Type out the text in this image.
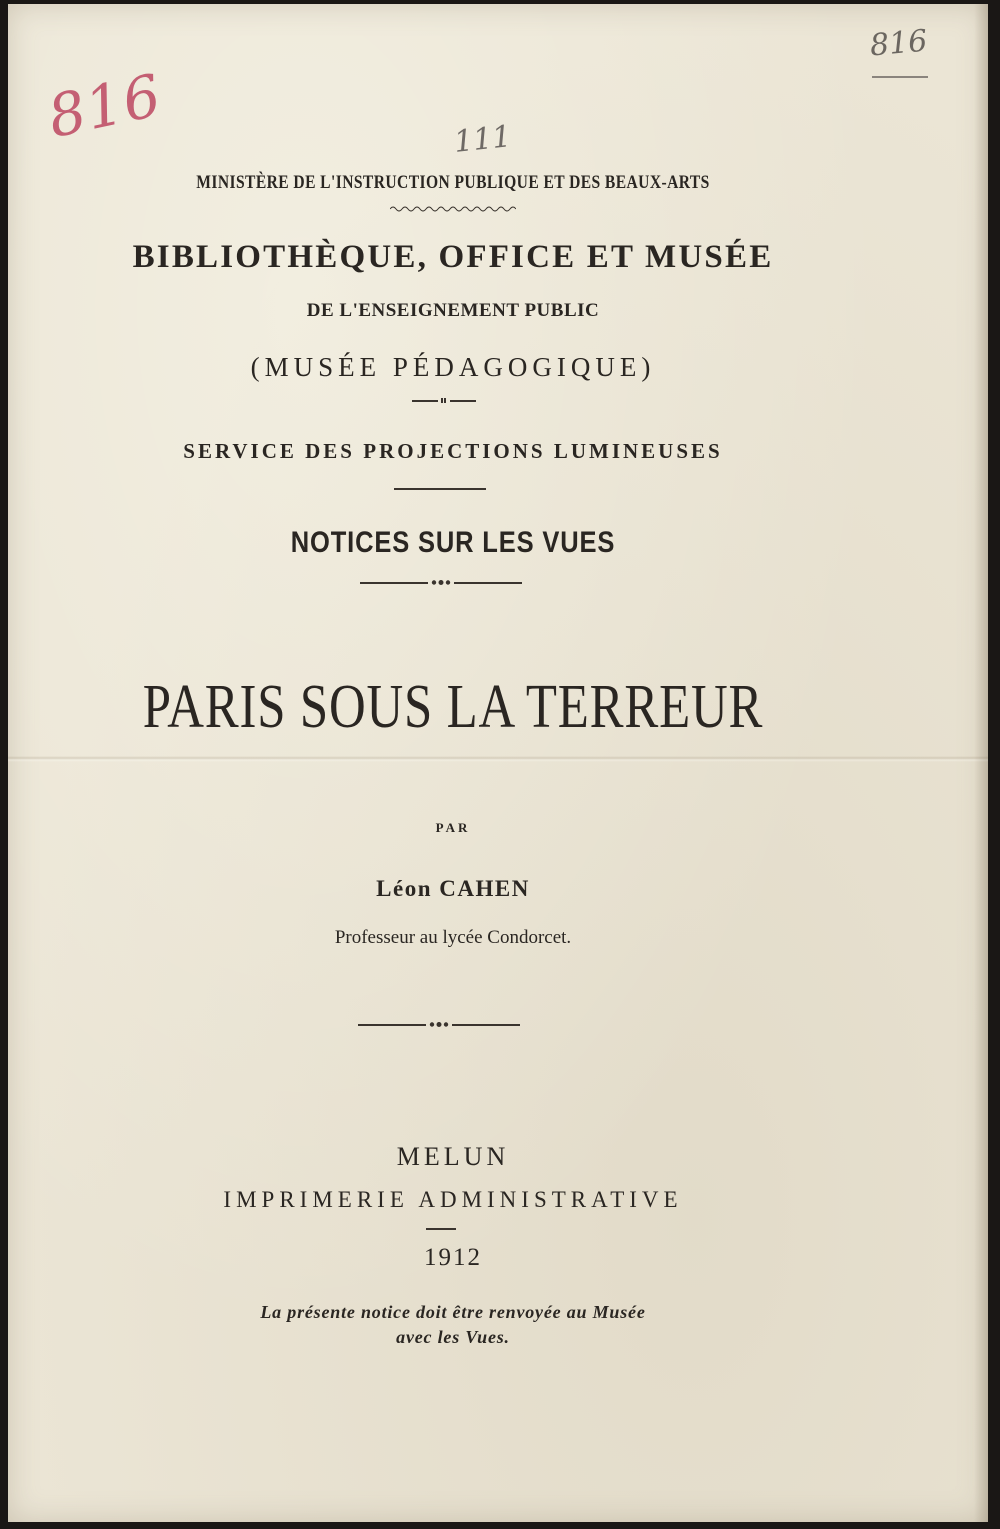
816
816
111
MINISTÈRE DE L'INSTRUCTION PUBLIQUE ET DES BEAUX-ARTS
BIBLIOTHÈQUE, OFFICE ET MUSÉE
DE L'ENSEIGNEMENT PUBLIC
(MUSÉE PÉDAGOGIQUE)
SERVICE DES PROJECTIONS LUMINEUSES
NOTICES SUR LES VUES
PARIS SOUS LA TERREUR
PAR
Léon CAHEN
Professeur au lycée Condorcet.
MELUN
IMPRIMERIE ADMINISTRATIVE
1912
La présente notice doit être renvoyée au Musée
avec les Vues.
